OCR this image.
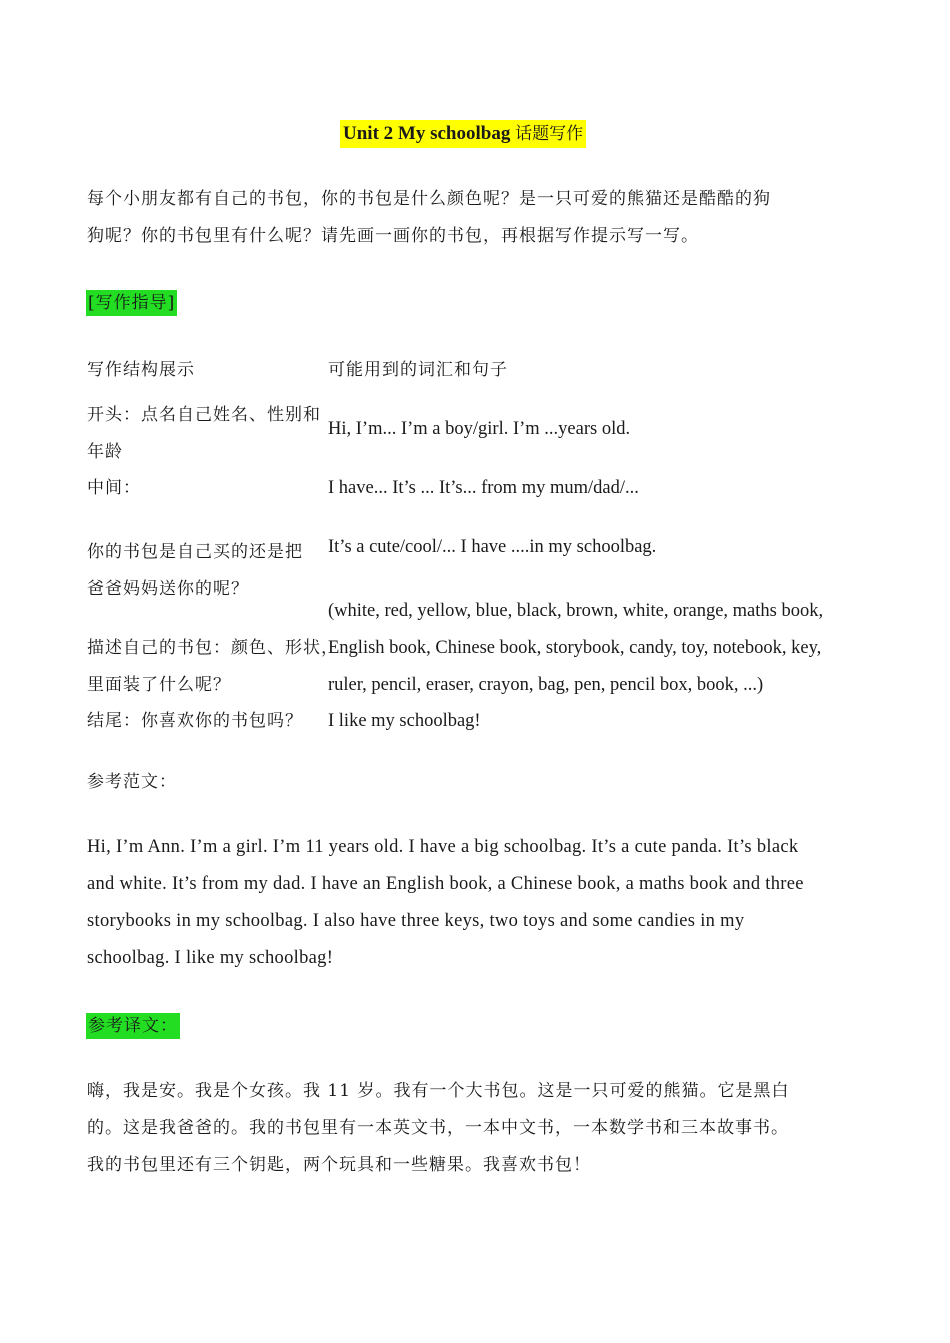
Unit 2 My schoolbag 话题写作
每个小朋友都有自己的书包，你的书包是什么颜色呢？是一只可爱的熊猫还是酷酷的狗
狗呢？你的书包里有什么呢？请先画一画你的书包，再根据写作提示写一写。
[写作指导]
写作结构展示	可能用到的词汇和句子
开头：点名自己姓名、性别和
年龄
Hi, I’m... I’m a boy/girl. I’m ...years old.
中间：	I have... It’s ... It’s... from my mum/dad/...
你的书包是自己买的还是把
爸爸妈妈送你的呢？
It’s a cute/cool/... I have ....in my schoolbag.
(white, red, yellow, blue, black, brown, white, orange, maths book,
English book, Chinese book, storybook, candy, toy, notebook, key,
ruler, pencil, eraser, crayon, bag, pen, pencil box, book, ...)
描述自己的书包：颜色、形状，
里面装了什么呢？
结尾：你喜欢你的书包吗？ I like my schoolbag!
参考范文：
Hi, I’m Ann. I’m a girl. I’m 11 years old. I have a big schoolbag. It’s a cute panda. It’s black
and white. It’s from my dad. I have an English book, a Chinese book, a maths book and three
storybooks in my schoolbag. I also have three keys, two toys and some candies in my
schoolbag. I like my schoolbag!
参考译文：
嗨，我是安。我是个女孩。我 11 岁。我有一个大书包。这是一只可爱的熊猫。它是黑白
的。这是我爸爸的。我的书包里有一本英文书，一本中文书，一本数学书和三本故事书。
我的书包里还有三个钥匙，两个玩具和一些糖果。我喜欢书包！
